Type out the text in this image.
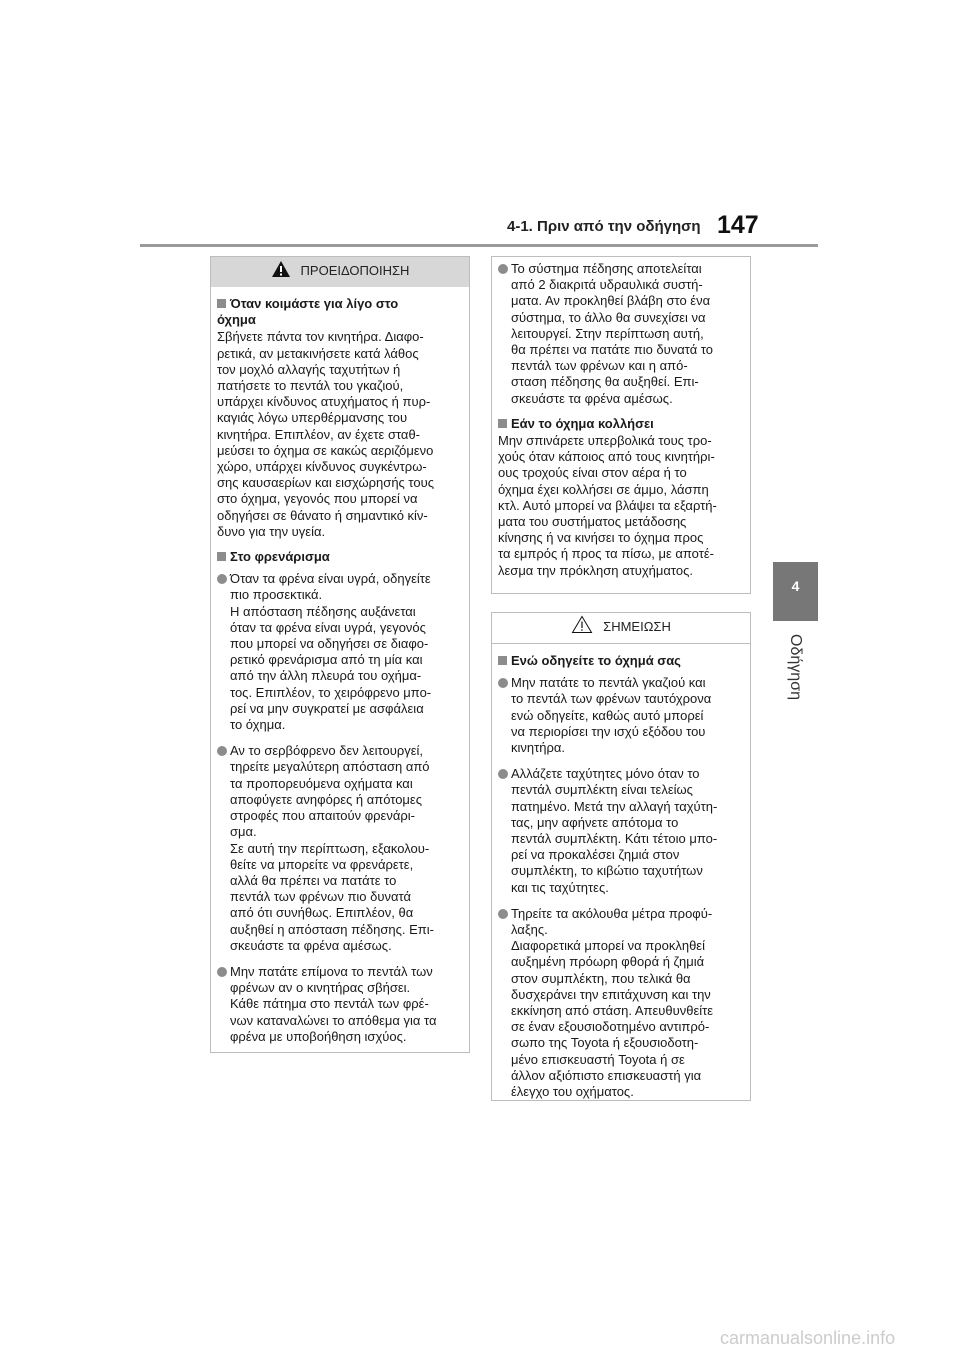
4-1. Πριν από την οδήγηση 147
4
Οδήγηση
ΠΡΟΕΙΔΟΠΟΙΗΣΗ
Όταν κοιμάστε για λίγο στο
όχημα
Σβήνετε πάντα τον κινητήρα. Διαφο-
ρετικά, αν μετακινήσετε κατά λάθος
τον μοχλό αλλαγής ταχυτήτων ή
πατήσετε το πεντάλ του γκαζιού,
υπάρχει κίνδυνος ατυχήματος ή πυρ-
καγιάς λόγω υπερθέρμανσης του
κινητήρα. Επιπλέον, αν έχετε σταθ-
μεύσει το όχημα σε κακώς αεριζόμενο
χώρο, υπάρχει κίνδυνος συγκέντρω-
σης καυσαερίων και εισχώρησής τους
στο όχημα, γεγονός που μπορεί να
οδηγήσει σε θάνατο ή σημαντικό κίν-
δυνο για την υγεία.
Στο φρενάρισμα
Όταν τα φρένα είναι υγρά, οδηγείτε
πιο προσεκτικά.
Η απόσταση πέδησης αυξάνεται
όταν τα φρένα είναι υγρά, γεγονός
που μπορεί να οδηγήσει σε διαφο-
ρετικό φρενάρισμα από τη μία και
από την άλλη πλευρά του οχήμα-
τος. Επιπλέον, το χειρόφρενο μπο-
ρεί να μην συγκρατεί με ασφάλεια
το όχημα.
Αν το σερβόφρενο δεν λειτουργεί,
τηρείτε μεγαλύτερη απόσταση από
τα προπορευόμενα οχήματα και
αποφύγετε ανηφόρες ή απότομες
στροφές που απαιτούν φρενάρι-
σμα.
Σε αυτή την περίπτωση, εξακολου-
θείτε να μπορείτε να φρενάρετε,
αλλά θα πρέπει να πατάτε το
πεντάλ των φρένων πιο δυνατά
από ότι συνήθως. Επιπλέον, θα
αυξηθεί η απόσταση πέδησης. Επι-
σκευάστε τα φρένα αμέσως.
Μην πατάτε επίμονα το πεντάλ των
φρένων αν ο κινητήρας σβήσει.
Κάθε πάτημα στο πεντάλ των φρέ-
νων καταναλώνει το απόθεμα για τα
φρένα με υποβοήθηση ισχύος.
Το σύστημα πέδησης αποτελείται
από 2 διακριτά υδραυλικά συστή-
ματα. Αν προκληθεί βλάβη στο ένα
σύστημα, το άλλο θα συνεχίσει να
λειτουργεί. Στην περίπτωση αυτή,
θα πρέπει να πατάτε πιο δυνατά το
πεντάλ των φρένων και η από-
σταση πέδησης θα αυξηθεί. Επι-
σκευάστε τα φρένα αμέσως.
Εάν το όχημα κολλήσει
Μην σπινάρετε υπερβολικά τους τρο-
χούς όταν κάποιος από τους κινητήρι-
ους τροχούς είναι στον αέρα ή το
όχημα έχει κολλήσει σε άμμο, λάσπη
κτλ. Αυτό μπορεί να βλάψει τα εξαρτή-
ματα του συστήματος μετάδοσης
κίνησης ή να κινήσει το όχημα προς
τα εμπρός ή προς τα πίσω, με αποτέ-
λεσμα την πρόκληση ατυχήματος.
ΣΗΜΕΙΩΣΗ
Ενώ οδηγείτε το όχημά σας
Μην πατάτε το πεντάλ γκαζιού και
το πεντάλ των φρένων ταυτόχρονα
ενώ οδηγείτε, καθώς αυτό μπορεί
να περιορίσει την ισχύ εξόδου του
κινητήρα.
Αλλάζετε ταχύτητες μόνο όταν το
πεντάλ συμπλέκτη είναι τελείως
πατημένο. Μετά την αλλαγή ταχύτη-
τας, μην αφήνετε απότομα το
πεντάλ συμπλέκτη. Κάτι τέτοιο μπο-
ρεί να προκαλέσει ζημιά στον
συμπλέκτη, το κιβώτιο ταχυτήτων
και τις ταχύτητες.
Τηρείτε τα ακόλουθα μέτρα προφύ-
λαξης.
Διαφορετικά μπορεί να προκληθεί
αυξημένη πρόωρη φθορά ή ζημιά
στον συμπλέκτη, που τελικά θα
δυσχεράνει την επιτάχυνση και την
εκκίνηση από στάση. Απευθυνθείτε
σε έναν εξουσιοδοτημένο αντιπρό-
σωπο της Toyota ή εξουσιοδοτη-
μένο επισκευαστή Toyota ή σε
άλλον αξιόπιστο επισκευαστή για
έλεγχο του οχήματος.
carmanualsonline.info
